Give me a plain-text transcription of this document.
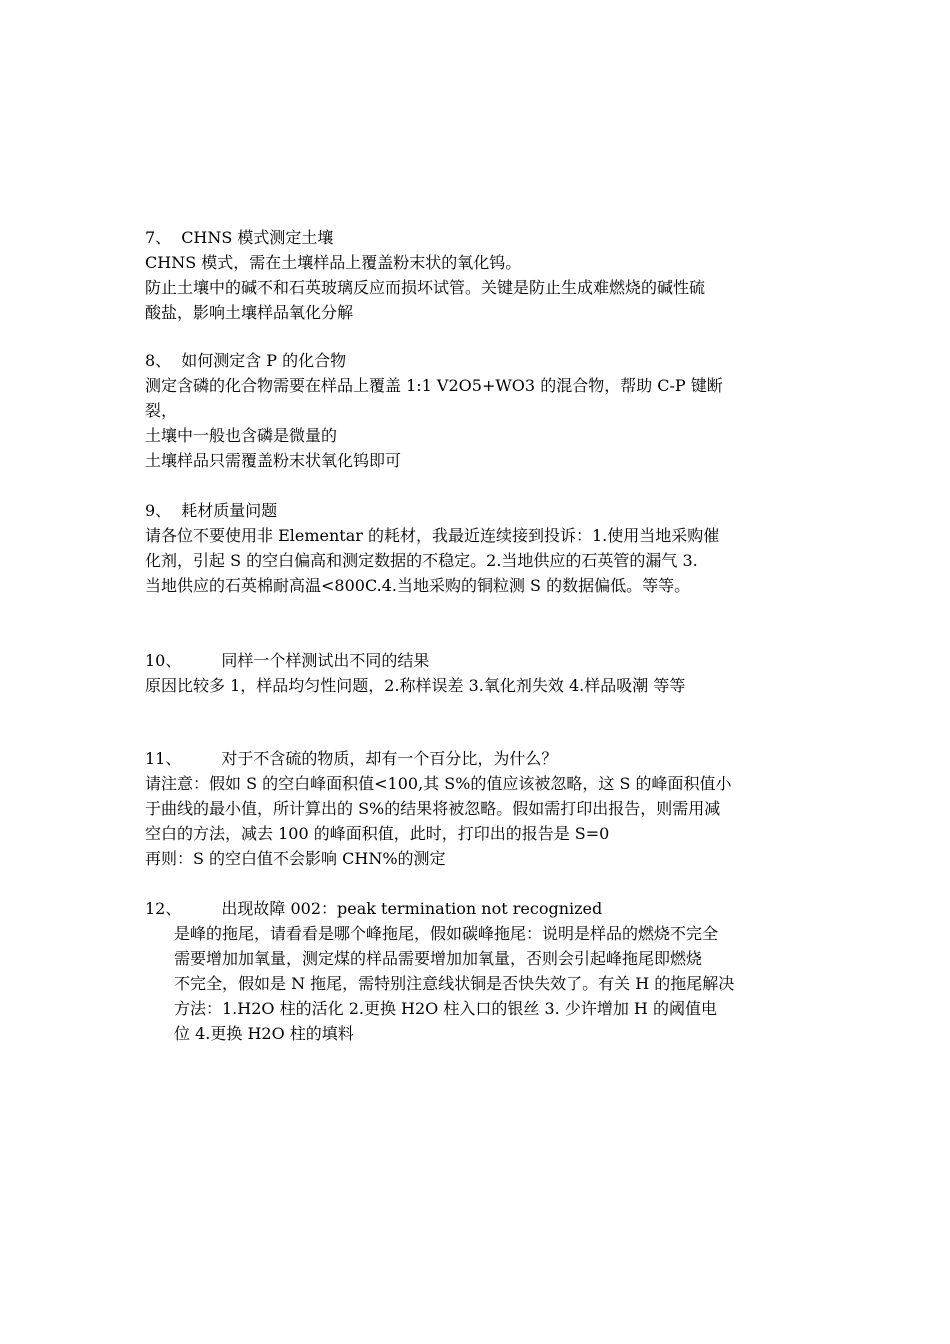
7、 CHNS 模式测定土壤
CHNS 模式，需在土壤样品上覆盖粉末状的氧化钨。
防止土壤中的碱不和石英玻璃反应而损坏试管。关键是防止生成难燃烧的碱性硫
酸盐，影响土壤样品氧化分解
8、 如何测定含 P 的化合物
测定含磷的化合物需要在样品上覆盖 1:1 V2O5+WO3 的混合物，帮助 C-P 键断
裂，
土壤中一般也含磷是微量的
土壤样品只需覆盖粉末状氧化钨即可
9、 耗材质量问题
请各位不要使用非 Elementar 的耗材，我最近连续接到投诉：1.使用当地采购催
化剂，引起 S 的空白偏高和测定数据的不稳定。2.当地供应的石英管的漏气 3.
当地供应的石英棉耐高温<800C.4.当地采购的铜粒测 S 的数据偏低。等等。
10、	同样一个样测试出不同的结果
原因比较多 1，样品均匀性问题，2.称样误差 3.氧化剂失效 4.样品吸潮 等等
11、	对于不含硫的物质，却有一个百分比，为什么？
请注意：假如 S 的空白峰面积值<100,其 S%的值应该被忽略，这 S 的峰面积值小
于曲线的最小值，所计算出的 S%的结果将被忽略。假如需打印出报告，则需用减
空白的方法，减去 100 的峰面积值，此时，打印出的报告是 S=0
再则：S 的空白值不会影响 CHN%的测定
12、	出现故障 002：peak termination not recognized
是峰的拖尾，请看看是哪个峰拖尾，假如碳峰拖尾：说明是样品的燃烧不完全
需要增加加氧量，测定煤的样品需要增加加氧量，否则会引起峰拖尾即燃烧
不完全，假如是 N 拖尾，需特别注意线状铜是否快失效了。有关 H 的拖尾解决
方法：1.H2O 柱的活化 2.更换 H2O 柱入口的银丝 3. 少许增加 H 的阈值电
位 4.更换 H2O 柱的填料
